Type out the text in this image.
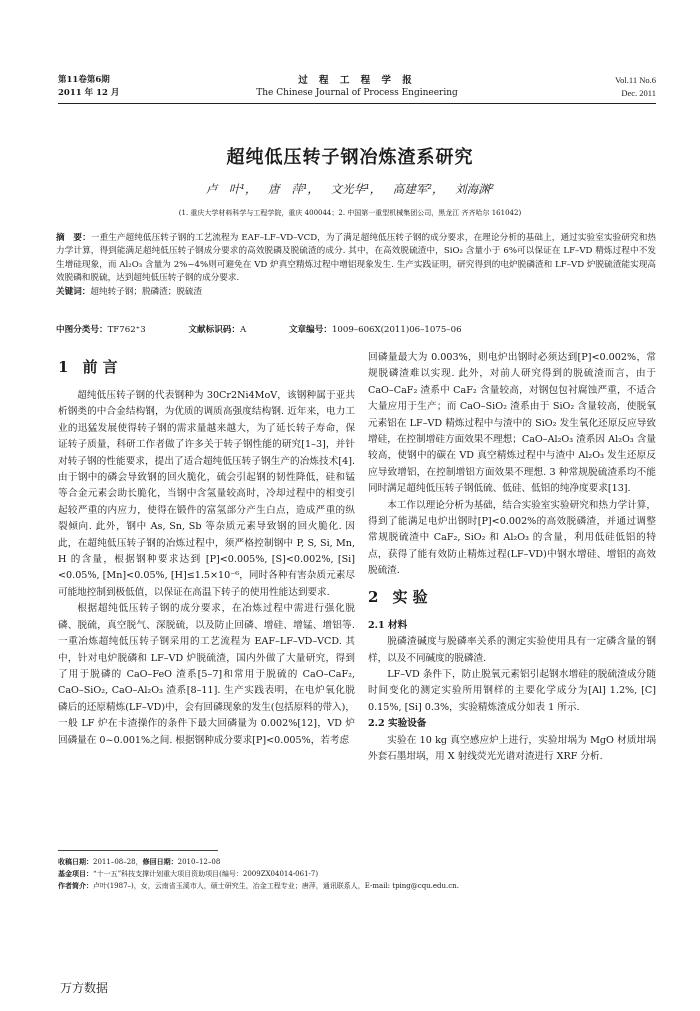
第11卷第6期
2011 年 12 月
过 程 工 程 学 报
The Chinese Journal of Process Engineering
Vol.11 No.6
Dec. 2011
超纯低压转子钢冶炼渣系研究
卢 叶¹， 唐 萍¹， 文光华¹， 高建军²， 刘海渊²
(1. 重庆大学材料科学与工程学院，重庆 400044；2. 中国第一重型机械集团公司，黑龙江 齐齐哈尔 161042)
摘　要：一重生产超纯低压转子钢的工艺流程为 EAF–LF–VD–VCD，为了满足超纯低压转子钢的成分要求，在理论分析的基础上，通过实验室实验研究和热力学计算，得到能满足超纯低压转子钢成分要求的高效脱磷及脱硫渣的成分. 其中，在高效脱硫渣中，SiO₂ 含量小于 6%可以保证在 LF–VD 精炼过程中不发生增硅现象，而 Al₂O₃ 含量为 2%~4%则可避免在 VD 炉真空精炼过程中增铝现象发生. 生产实践证明，研究得到的电炉脱磷渣和 LF–VD 炉脱硫渣能实现高效脱磷和脱硫，达到超纯低压转子钢的成分要求.
关键词：超纯转子钢；脱磷渣；脱硫渣
中图分类号：TF762⁺3	文献标识码：A	文章编号：1009–606X(2011)06–1075–06
1 前 言

超纯低压转子钢的代表钢种为 30Cr2Ni4MoV，该钢种属于亚共析钢类的中合金结构钢，为优质的调质高强度结构钢. 近年来，电力工业的迅猛发展使得转子钢的需求量越来越大，为了延长转子寿命，保证转子质量，科研工作者做了许多关于转子钢性能的研究[1–3]，并针对转子钢的性能要求，提出了适合超纯低压转子钢生产的冶炼技术[4]. 由于钢中的磷会导致钢的回火脆化，硫会引起钢的韧性降低，硅和锰等合金元素会助长脆化，当钢中含氢量较高时，冷却过程中的相变引起较严重的内应力，使得在锻件的富氢部分产生白点，造成严重的纵裂倾向. 此外，钢中 As, Sn, Sb 等杂质元素导致钢的回火脆化. 因此，在超纯低压转子钢的冶炼过程中，须严格控制钢中 P, S, Si, Mn, H 的含量，根据钢种要求达到 [P]<0.005%, [S]<0.002%, [Si]<0.05%, [Mn]<0.05%, [H]≤1.5×10⁻⁶，同时各种有害杂质元素尽可能地控制到极低值，以保证在高温下转子的使用性能达到要求.

根据超纯低压转子钢的成分要求，在冶炼过程中需进行强化脱磷、脱硫，真空脱气、深脱硫，以及防止回磷、增硅、增锰、增铝等. 一重冶炼超纯低压转子钢采用的工艺流程为 EAF–LF–VD–VCD. 其中，针对电炉脱磷和 LF–VD 炉脱硫渣，国内外做了大量研究，得到了用于脱磷的 CaO–FeO 渣系[5–7]和常用于脱硫的 CaO–CaF₂, CaO–SiO₂, CaO–Al₂O₃ 渣系[8–11]. 生产实践表明，在电炉氧化脱磷后的还原精炼(LF–VD)中，会有回磷现象的发生(包括原料的带入)，一般 LF 炉在卡渣操作的条件下最大回磷量为 0.002%[12]，VD 炉回磷量在 0~0.001%之间. 根据钢种成分要求[P]<0.005%，若考虑

回磷量最大为 0.003%，则电炉出钢时必须达到[P]<0.002%，常规脱磷渣难以实现. 此外，对前人研究得到的脱硫渣而言，由于 CaO–CaF₂ 渣系中 CaF₂ 含量较高，对钢包包衬腐蚀严重，不适合大量应用于生产；而 CaO–SiO₂ 渣系由于 SiO₂ 含量较高，使脱氧元素铝在 LF–VD 精炼过程中与渣中的 SiO₂ 发生氧化还原反应导致增硅，在控制增硅方面效果不理想；CaO–Al₂O₃ 渣系因 Al₂O₃ 含量较高，使钢中的碳在 VD 真空精炼过程中与渣中 Al₂O₃ 发生还原反应导致增铝，在控制增铝方面效果不理想. 3 种常规脱硫渣系均不能同时满足超纯低压转子钢低硫、低硅、低铝的纯净度要求[13].

本工作以理论分析为基础，结合实验室实验研究和热力学计算，得到了能满足电炉出钢时[P]<0.002%的高效脱磷渣，并通过调整常规脱硫渣中 CaF₂, SiO₂ 和 Al₂O₃ 的含量，利用低硅低铝的特点，获得了能有效防止精炼过程(LF–VD)中钢水增硅、增铝的高效脱硫渣.

2 实 验
2.1 材料

脱磷渣碱度与脱磷率关系的测定实验使用具有一定磷含量的钢样，以及不同碱度的脱磷渣.

LF–VD 条件下，防止脱氧元素铝引起钢水增硅的脱硫渣成分随时间变化的测定实验所用钢样的主要化学成分为[Al] 1.2%, [C] 0.15%, [Si] 0.3%，实验精炼渣成分如表 1 所示.

2.2 实验设备

实验在 10 kg 真空感应炉上进行，实验坩埚为 MgO 材质坩埚外套石墨坩埚，用 X 射线荧光光谱对渣进行 XRF 分析.

收稿日期：2011–08–28，修回日期：2010–12–08
基金项目：“十一五”科技支撑计划重大项目资助项目(编号：2009ZX04014-061-7)
作者简介：卢叶(1987–)，女，云南省玉溪市人，硕士研究生，冶金工程专业；唐萍，通讯联系人，E-mail: tping@cqu.edu.cn.
万方数据
